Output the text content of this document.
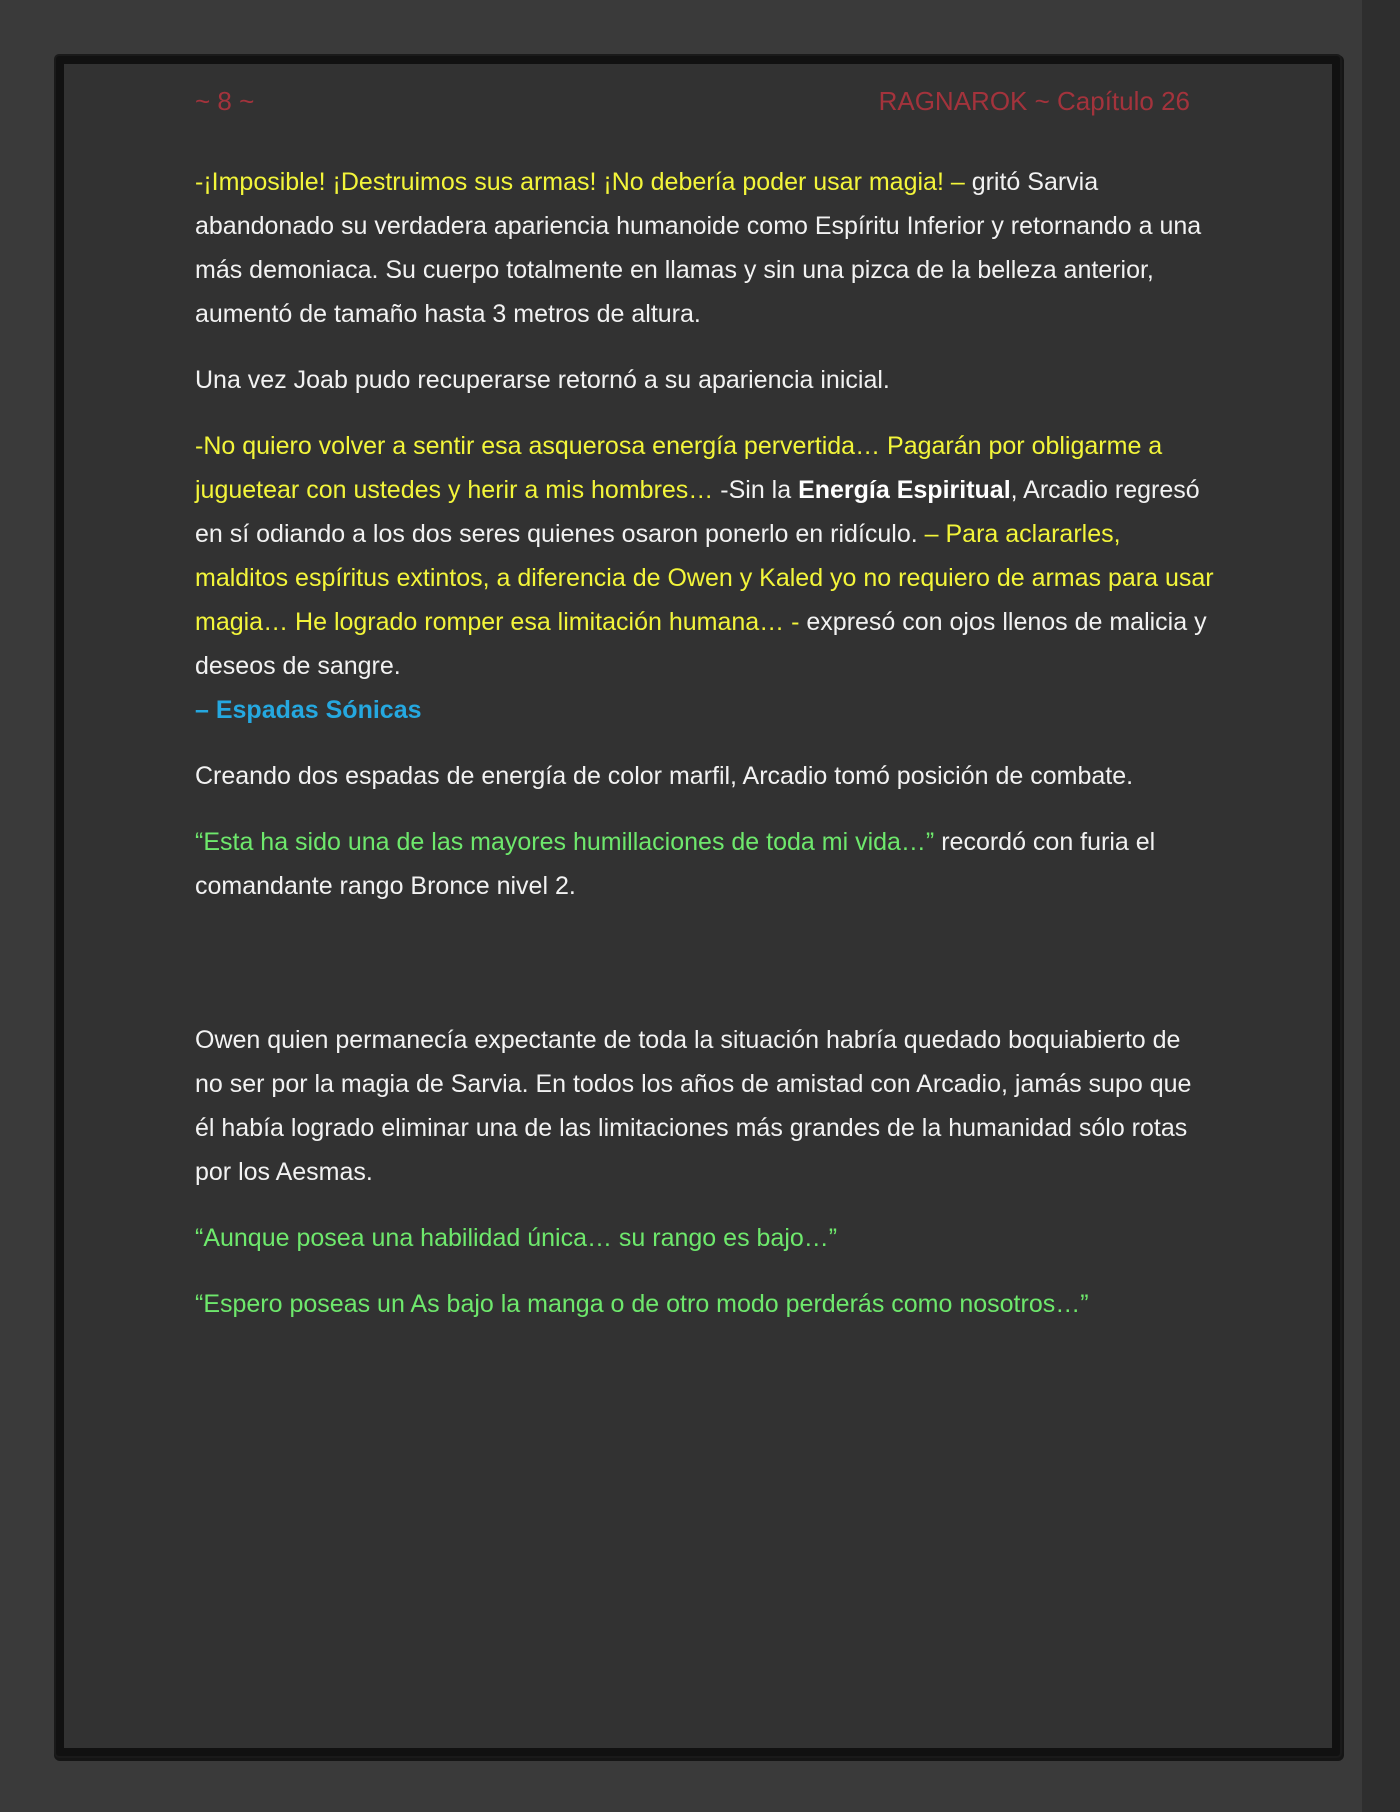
~ 8 ~	RAGNAROK ~ Capítulo 26

-¡Imposible! ¡Destruimos sus armas! ¡No debería poder usar magia! – gritó Sarvia abandonado su verdadera apariencia humanoide como Espíritu Inferior y retornando a una más demoniaca. Su cuerpo totalmente en llamas y sin una pizca de la belleza anterior, aumentó de tamaño hasta 3 metros de altura.

Una vez Joab pudo recuperarse retornó a su apariencia inicial.

-No quiero volver a sentir esa asquerosa energía pervertida… Pagarán por obligarme a juguetear con ustedes y herir a mis hombres… -Sin la Energía Espiritual, Arcadio regresó en sí odiando a los dos seres quienes osaron ponerlo en ridículo. – Para aclararles, malditos espíritus extintos, a diferencia de Owen y Kaled yo no requiero de armas para usar magia… He logrado romper esa limitación humana… - expresó con ojos llenos de malicia y deseos de sangre.
– Espadas Sónicas

Creando dos espadas de energía de color marfil, Arcadio tomó posición de combate.

“Esta ha sido una de las mayores humillaciones de toda mi vida…” recordó con furia el comandante rango Bronce nivel 2.

Owen quien permanecía expectante de toda la situación habría quedado boquiabierto de no ser por la magia de Sarvia. En todos los años de amistad con Arcadio, jamás supo que él había logrado eliminar una de las limitaciones más grandes de la humanidad sólo rotas por los Aesmas.

“Aunque posea una habilidad única… su rango es bajo…”

“Espero poseas un As bajo la manga o de otro modo perderás como nosotros…”
